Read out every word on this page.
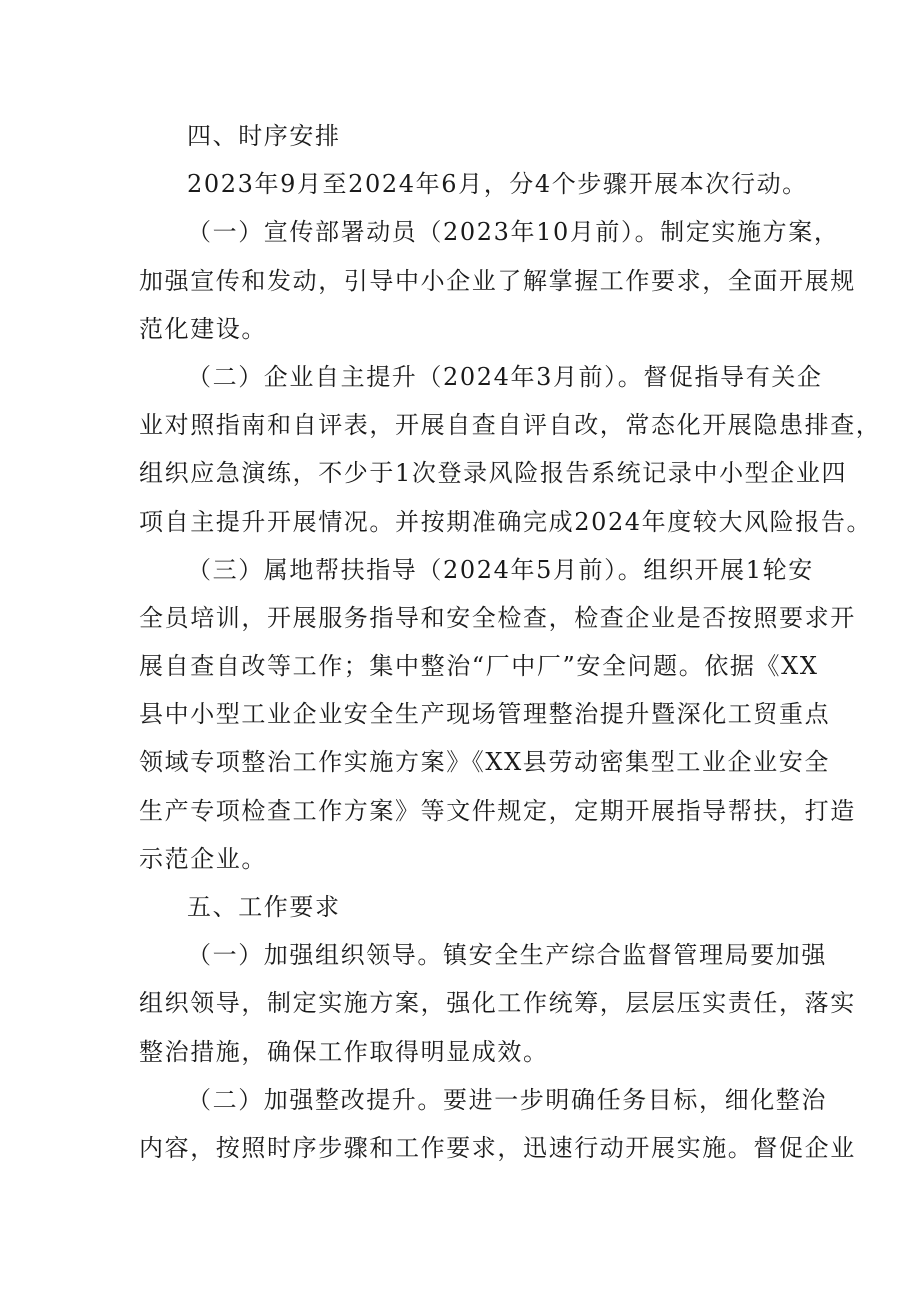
四、时序安排
2023年9月至2024年6月，分4个步骤开展本次行动。
（一）宣传部署动员（2023年10月前）。制定实施方案，
加强宣传和发动，引导中小企业了解掌握工作要求，全面开展规
范化建设。
（二）企业自主提升（2024年3月前）。督促指导有关企
业对照指南和自评表，开展自查自评自改，常态化开展隐患排查，
组织应急演练，不少于1次登录风险报告系统记录中小型企业四
项自主提升开展情况。并按期准确完成2024年度较大风险报告。
（三）属地帮扶指导（2024年5月前）。组织开展1轮安
全员培训，开展服务指导和安全检查，检查企业是否按照要求开
展自查自改等工作；集中整治“厂中厂”安全问题。依据《XX
县中小型工业企业安全生产现场管理整治提升暨深化工贸重点
领域专项整治工作实施方案》《XX县劳动密集型工业企业安全
生产专项检查工作方案》等文件规定，定期开展指导帮扶，打造
示范企业。
五、工作要求
（一）加强组织领导。镇安全生产综合监督管理局要加强
组织领导，制定实施方案，强化工作统筹，层层压实责任，落实
整治措施，确保工作取得明显成效。
（二）加强整改提升。要进一步明确任务目标，细化整治
内容，按照时序步骤和工作要求，迅速行动开展实施。督促企业
